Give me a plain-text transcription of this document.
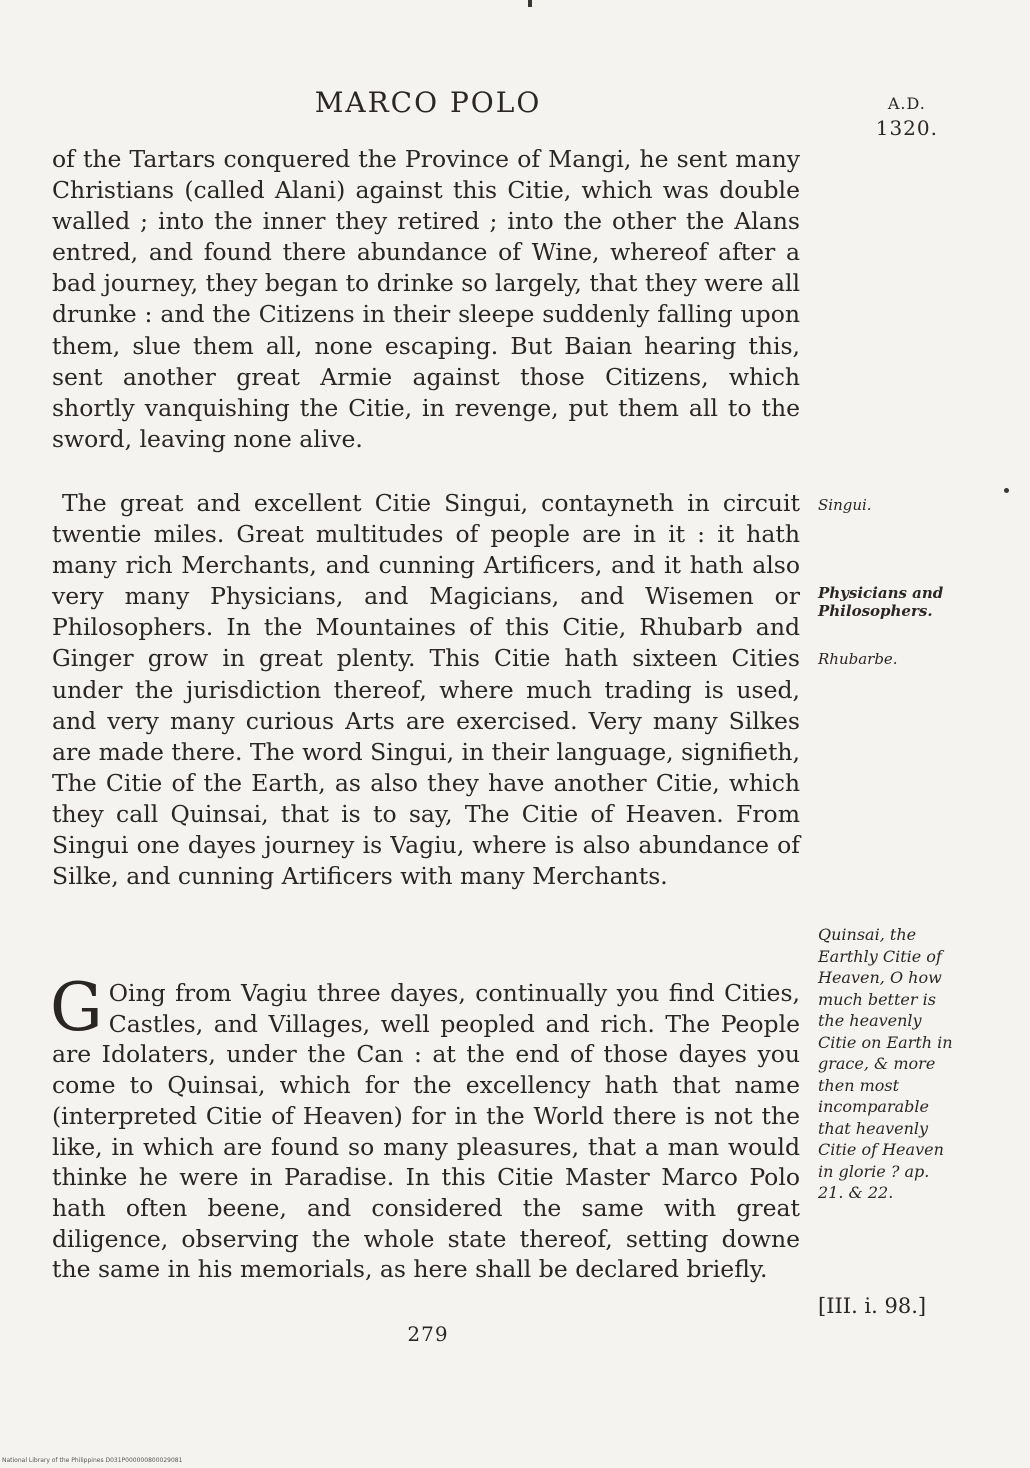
MARCO POLO	A.D.
1320.

of the Tartars conquered the Province of Mangi, he sent many Christians (called Alani) against this Citie, which was double walled ; into the inner they retired ; into the other the Alans entred, and found there abundance of Wine, whereof after a bad journey, they began to drinke so largely, that they were all drunke : and the Citizens in their sleepe suddenly falling upon them, slue them all, none escaping. But Baian hearing this, sent another great Armie against those Citizens, which shortly vanquishing the Citie, in revenge, put them all to the sword, leaving none alive.

The great and excellent Citie Singui, contayneth in circuit twentie miles. Great multitudes of people are in it : it hath many rich Merchants, and cunning Artificers, and it hath also very many Physicians, and Magicians, and Wisemen or Philosophers. In the Mountaines of this Citie, Rhubarb and Ginger grow in great plenty. This Citie hath sixteen Cities under the jurisdiction thereof, where much trading is used, and very many curious Arts are exercised. Very many Silkes are made there. The word Singui, in their language, signifieth, The Citie of the Earth, as also they have another Citie, which they call Quinsai, that is to say, The Citie of Heaven. From Singui one dayes journey is Vagiu, where is also abundance of Silke, and cunning Artificers with many Merchants.

G Oing from Vagiu three dayes, continually you find Cities, Castles, and Villages, well peopled and rich. The People are Idolaters, under the Can : at the end of those dayes you come to Quinsai, which for the excellency hath that name (interpreted Citie of Heaven) for in the World there is not the like, in which are found so many pleasures, that a man would thinke he were in Paradise. In this Citie Master Marco Polo hath often beene, and considered the same with great diligence, observing the whole state thereof, setting downe the same in his memorials, as here shall be declared briefly.

Singui.

Physicians and Philosophers.

Rhubarbe.

Quinsai, the Earthly Citie of Heaven, O how much better is the heavenly Citie on Earth in grace, & more then most incomparable that heavenly Citie of Heaven in glorie ? ap. 21. & 22.

[III. i. 98.]
279
National Library of the Philippines D031P000000800029081
